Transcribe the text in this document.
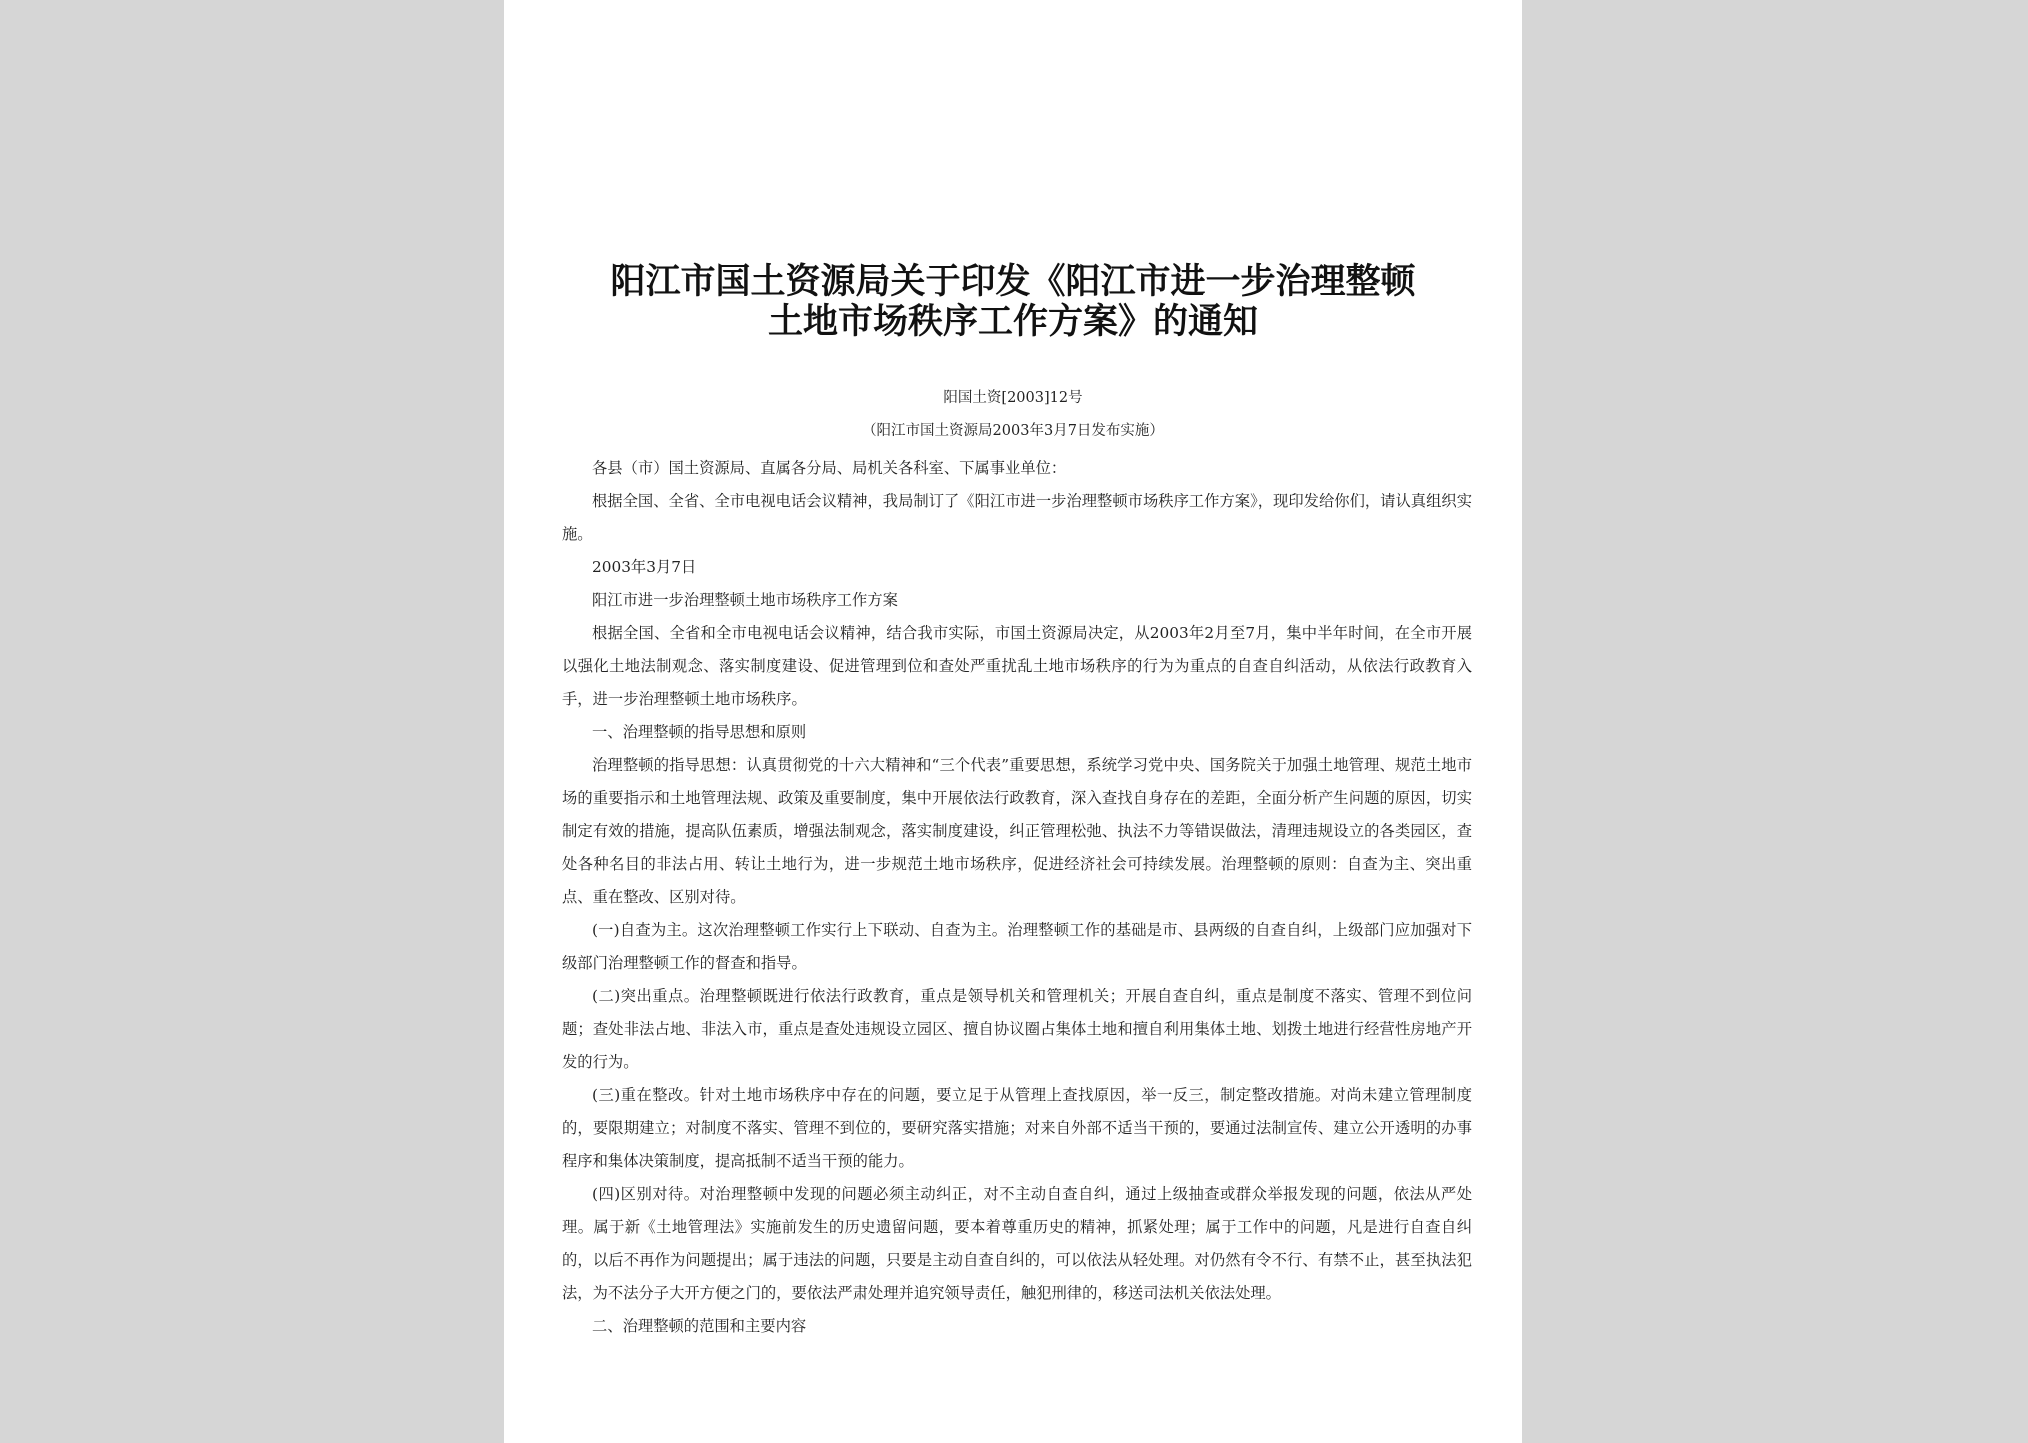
阳江市国土资源局关于印发《阳江市进一步治理整顿
土地市场秩序工作方案》的通知
阳国土资[2003]12号
（阳江市国土资源局2003年3月7日发布实施）

各县（市）国土资源局、直属各分局、局机关各科室、下属事业单位：

根据全国、全省、全市电视电话会议精神，我局制订了《阳江市进一步治理整顿市场秩序工作方案》，现印发给你们，请认真组织实施。

2003年3月7日

阳江市进一步治理整顿土地市场秩序工作方案

根据全国、全省和全市电视电话会议精神，结合我市实际，市国土资源局决定，从2003年2月至7月，集中半年时间，在全市开展以强化土地法制观念、落实制度建设、促进管理到位和查处严重扰乱土地市场秩序的行为为重点的自查自纠活动，从依法行政教育入手，进一步治理整顿土地市场秩序。

一、治理整顿的指导思想和原则

治理整顿的指导思想：认真贯彻党的十六大精神和“三个代表”重要思想，系统学习党中央、国务院关于加强土地管理、规范土地市场的重要指示和土地管理法规、政策及重要制度，集中开展依法行政教育，深入查找自身存在的差距，全面分析产生问题的原因，切实制定有效的措施，提高队伍素质，增强法制观念，落实制度建设，纠正管理松弛、执法不力等错误做法，清理违规设立的各类园区，查处各种名目的非法占用、转让土地行为，进一步规范土地市场秩序，促进经济社会可持续发展。治理整顿的原则：自查为主、突出重点、重在整改、区别对待。

(一)自查为主。这次治理整顿工作实行上下联动、自查为主。治理整顿工作的基础是市、县两级的自查自纠，上级部门应加强对下级部门治理整顿工作的督查和指导。

(二)突出重点。治理整顿既进行依法行政教育，重点是领导机关和管理机关；开展自查自纠，重点是制度不落实、管理不到位问题；查处非法占地、非法入市，重点是查处违规设立园区、擅自协议圈占集体土地和擅自利用集体土地、划拨土地进行经营性房地产开发的行为。

(三)重在整改。针对土地市场秩序中存在的问题，要立足于从管理上查找原因，举一反三，制定整改措施。对尚未建立管理制度的，要限期建立；对制度不落实、管理不到位的，要研究落实措施；对来自外部不适当干预的，要通过法制宣传、建立公开透明的办事程序和集体决策制度，提高抵制不适当干预的能力。

(四)区别对待。对治理整顿中发现的问题必须主动纠正，对不主动自查自纠，通过上级抽查或群众举报发现的问题，依法从严处理。属于新《土地管理法》实施前发生的历史遗留问题，要本着尊重历史的精神，抓紧处理；属于工作中的问题，凡是进行自查自纠的，以后不再作为问题提出；属于违法的问题，只要是主动自查自纠的，可以依法从轻处理。对仍然有令不行、有禁不止，甚至执法犯法，为不法分子大开方便之门的，要依法严肃处理并追究领导责任，触犯刑律的，移送司法机关依法处理。

二、治理整顿的范围和主要内容
